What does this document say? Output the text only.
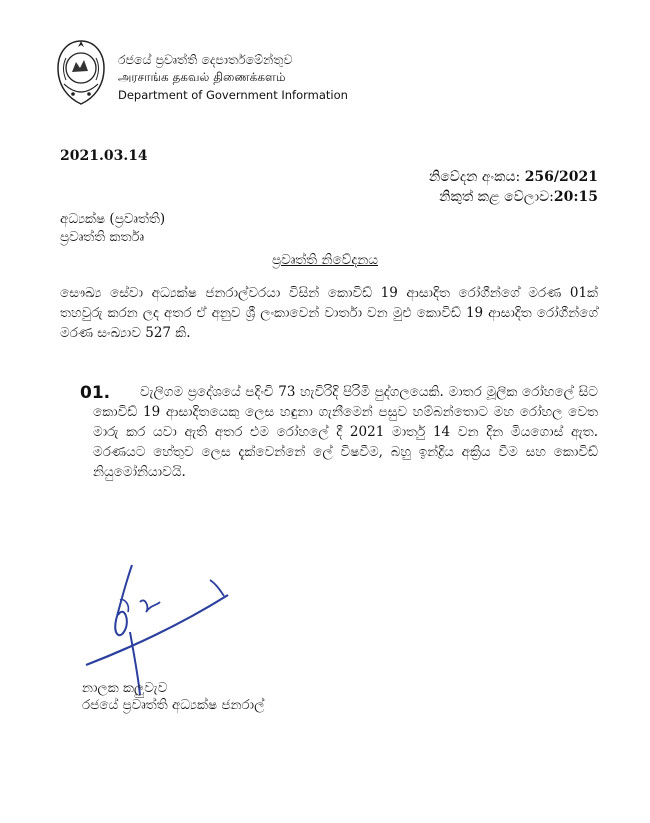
රජයේ ප්‍රවෘත්ති දෙපාර්තමේන්තුව
அரசாங்க தகவல் திணைக்களம்
Department of Government Information
2021.03.14
නිවේදන අංකය: 256/2021
නිකුත් කළ වේලාව:20:15
අධ්‍යක්ෂ (ප්‍රවෘත්ති)
ප්‍රවෘත්ති කර්තෘ
ප්‍රවෘත්ති නිවේදනය
සෞඛ්‍ය සේවා අධ්‍යක්ෂ ජනරාල්වරයා විසින් කොවිඩ් 19 ආසාදිත රෝගීන්ගේ මරණ 01ක් තහවුරු කරන ලද අතර ඒ අනුව ශ්‍රී ලංකාවෙන් වාර්තා වන මුළු කොවිඩ් 19 ආසාදිත රෝගීන්ගේ මරණ සංඛ්‍යාව 527 කි.
01.	වැලිගම ප්‍රදේශයේ පදිංචි 73 හැවිරිදි පිරිමි පුද්ගලයෙකි. මාතර මූලික රෝහලේ සිට කොවිඩ් 19 ආසාදිතයෙකු ලෙස හඳුනා ගැනීමෙන් පසුව හම්බන්තොට මහ රෝහල වෙත මාරු කර යවා ඇති අතර එම රෝහලේ දී 2021 මාර්තු 14 වන දින මියගොස් ඇත. මරණයට හේතුව ලෙස දැක්වෙන්නේ ලේ විෂවීම, බහු ඉන්ද්‍රිය අක්‍රිය වීම සහ කොවිඩ් නියුමෝනියාවයි.
නාලක කලුවැව
රජයේ ප්‍රවෘත්ති අධ්‍යක්ෂ ජනරාල්
